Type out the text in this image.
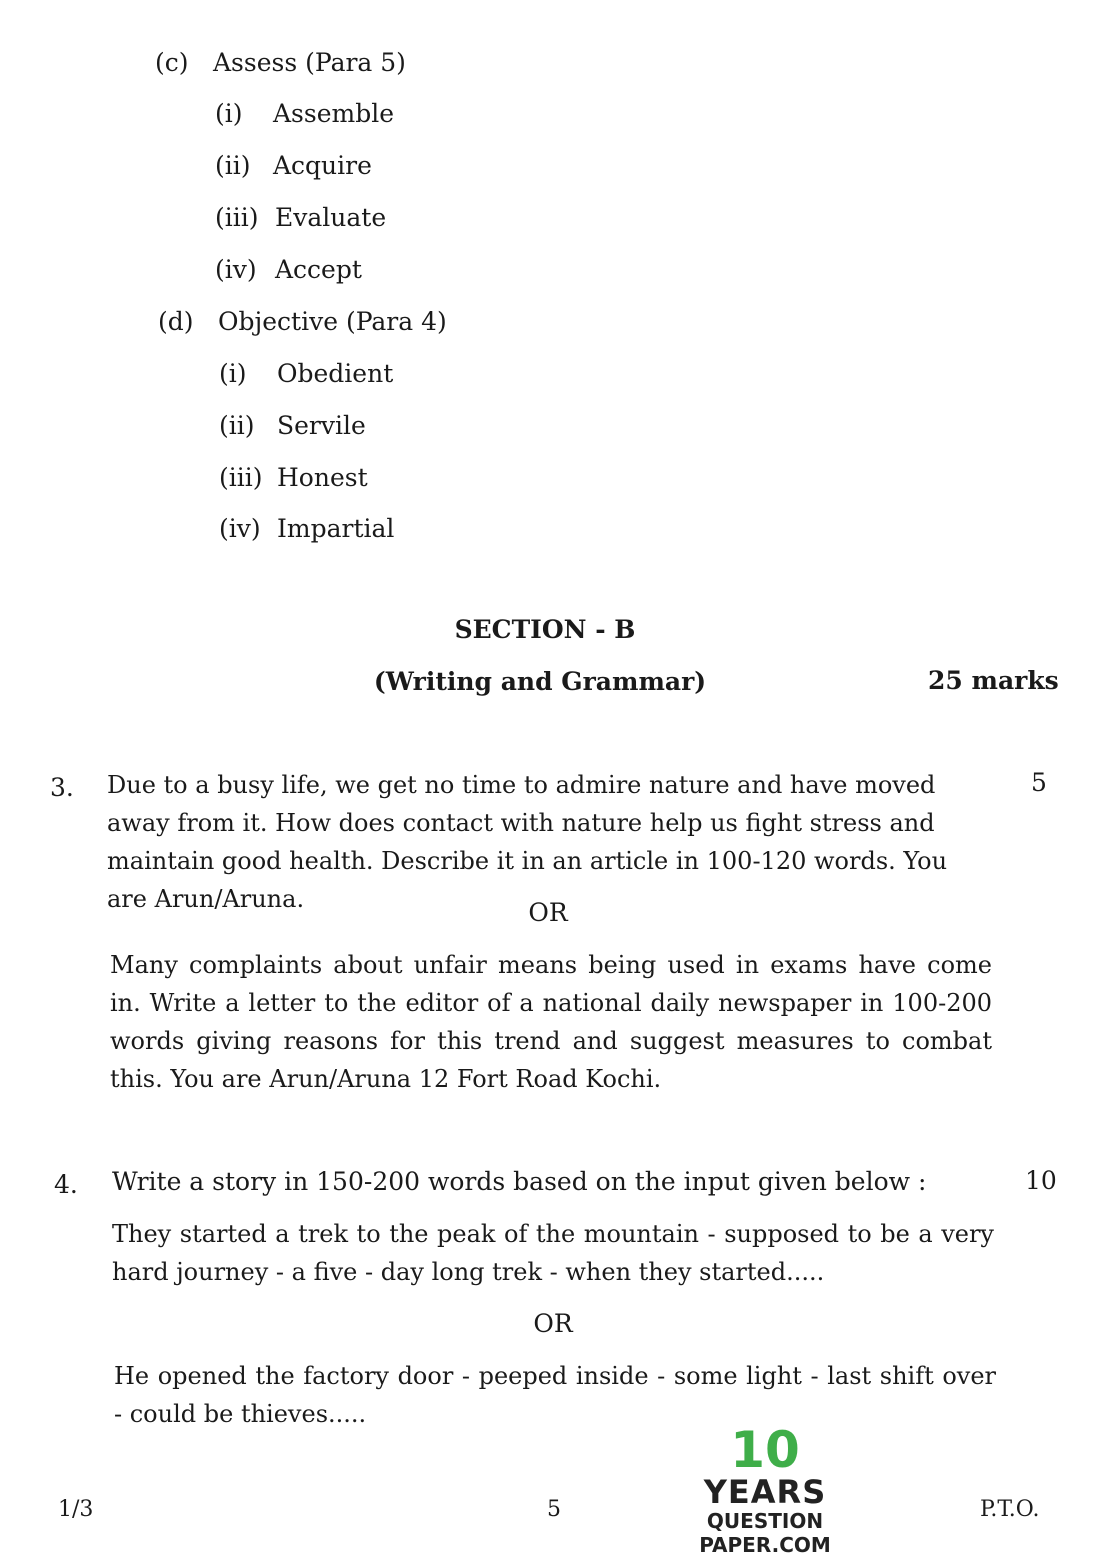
(c) Assess (Para 5)
(i) Assemble
(ii) Acquire
(iii) Evaluate
(iv) Accept
(d) Objective (Para 4)
(i) Obedient
(ii) Servile
(iii) Honest
(iv) Impartial
SECTION - B
(Writing and Grammar)	25 marks
3. Due to a busy life, we get no time to admire nature and have moved away from it. How does contact with nature help us fight stress and maintain good health. Describe it in an article in 100-120 words. You are Arun/Aruna.
5
OR
Many complaints about unfair means being used in exams have come in. Write a letter to the editor of a national daily newspaper in 100-200 words giving reasons for this trend and suggest measures to combat this. You are Arun/Aruna 12 Fort Road Kochi.
4. Write a story in 150-200 words based on the input given below :	10
They started a trek to the peak of the mountain - supposed to be a very hard journey - a five - day long trek - when they started.....
OR
He opened the factory door - peeped inside - some light - last shift over - could be thieves.....
1/3	5	P.T.O.
10
YEARS
QUESTION PAPER.COM
